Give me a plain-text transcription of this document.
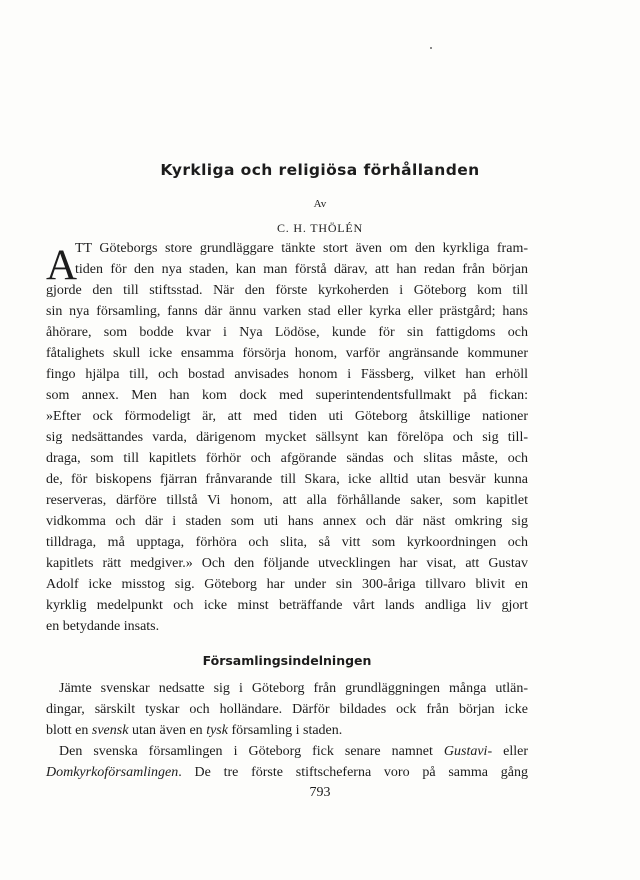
Kyrkliga och religiösa förhållanden
Av
C. H. THÖLÉN
A
TT Göteborgs store grundläggare tänkte stort även om den kyrkliga fram-
tiden för den nya staden, kan man förstå därav, att han redan från början
gjorde den till stiftsstad. När den förste kyrkoherden i Göteborg kom till
sin nya församling, fanns där ännu varken stad eller kyrka eller prästgård; hans
åhörare, som bodde kvar i Nya Lödöse, kunde för sin fattigdoms och
fåtalighets skull icke ensamma försörja honom, varför angränsande kommuner
fingo hjälpa till, och bostad anvisades honom i Fässberg, vilket han erhöll
som annex. Men han kom dock med superintendentsfullmakt på fickan:
»Efter ock förmodeligt är, att med tiden uti Göteborg åtskillige nationer
sig nedsättandes varda, därigenom mycket sällsynt kan förelöpa och sig till-
draga, som till kapitlets förhör och afgörande sändas och slitas måste, och
de, för biskopens fjärran frånvarande till Skara, icke alltid utan besvär kunna
reserveras, därföre tillstå Vi honom, att alla förhållande saker, som kapitlet
vidkomma och där i staden som uti hans annex och där näst omkring sig
tilldraga, må upptaga, förhöra och slita, så vitt som kyrkoordningen och
kapitlets rätt medgiver.» Och den följande utvecklingen har visat, att Gustav
Adolf icke misstog sig. Göteborg har under sin 300-åriga tillvaro blivit en
kyrklig medelpunkt och icke minst beträffande vårt lands andliga liv gjort
en betydande insats.
Församlingsindelningen
Jämte svenskar nedsatte sig i Göteborg från grundläggningen många utlän-
dingar, särskilt tyskar och holländare. Därför bildades ock från början icke
blott en svensk utan även en tysk församling i staden.
Den svenska församlingen i Göteborg fick senare namnet Gustavi- eller
Domkyrkoförsamlingen. De tre förste stiftscheferna voro på samma gång
793
